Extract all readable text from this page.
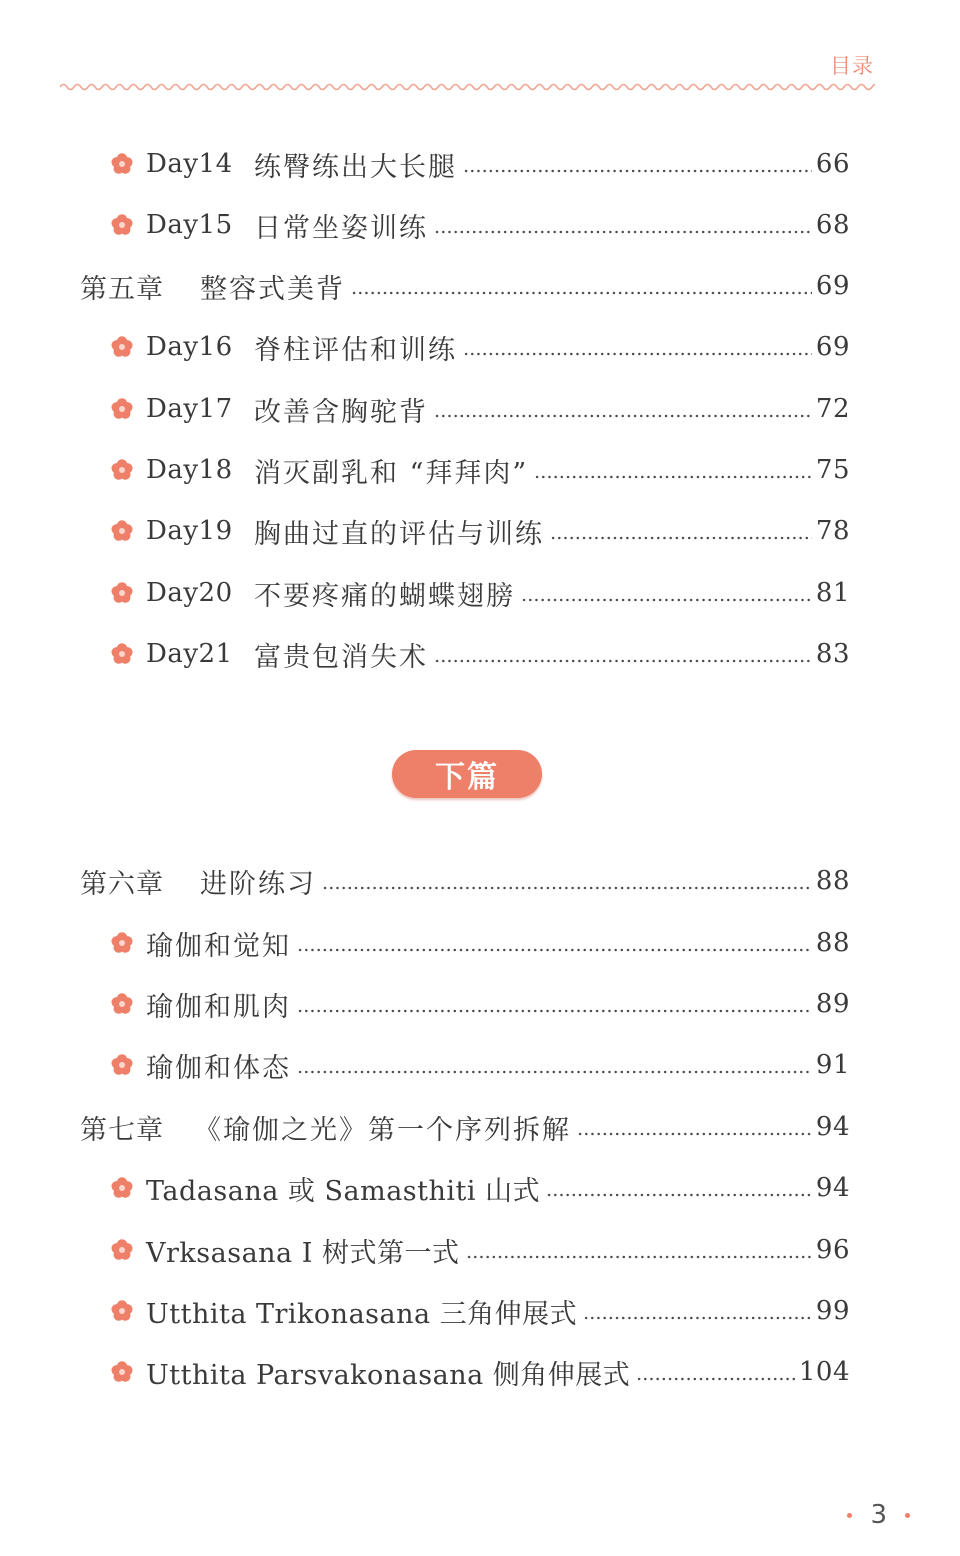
目录
Day14 练臀练出大长腿	66
Day15 日常坐姿训练	68
第五章	整容式美背	69
Day16 脊柱评估和训练	69
Day17 改善含胸驼背	72
Day18 消灭副乳和 “拜拜肉”	75
Day19 胸曲过直的评估与训练	78
Day20 不要疼痛的蝴蝶翅膀	81
Day21 富贵包消失术	83
下篇
第六章	进阶练习	88
瑜伽和觉知	88
瑜伽和肌肉	89
瑜伽和体态	91
第七章	《瑜伽之光》第一个序列拆解	94
Tadasana 或 Samasthiti 山式	94
Vrksasana Ⅰ 树式第一式	96
Utthita Trikonasana 三角伸展式	99
Utthita Parsvakonasana 侧角伸展式	104
3
